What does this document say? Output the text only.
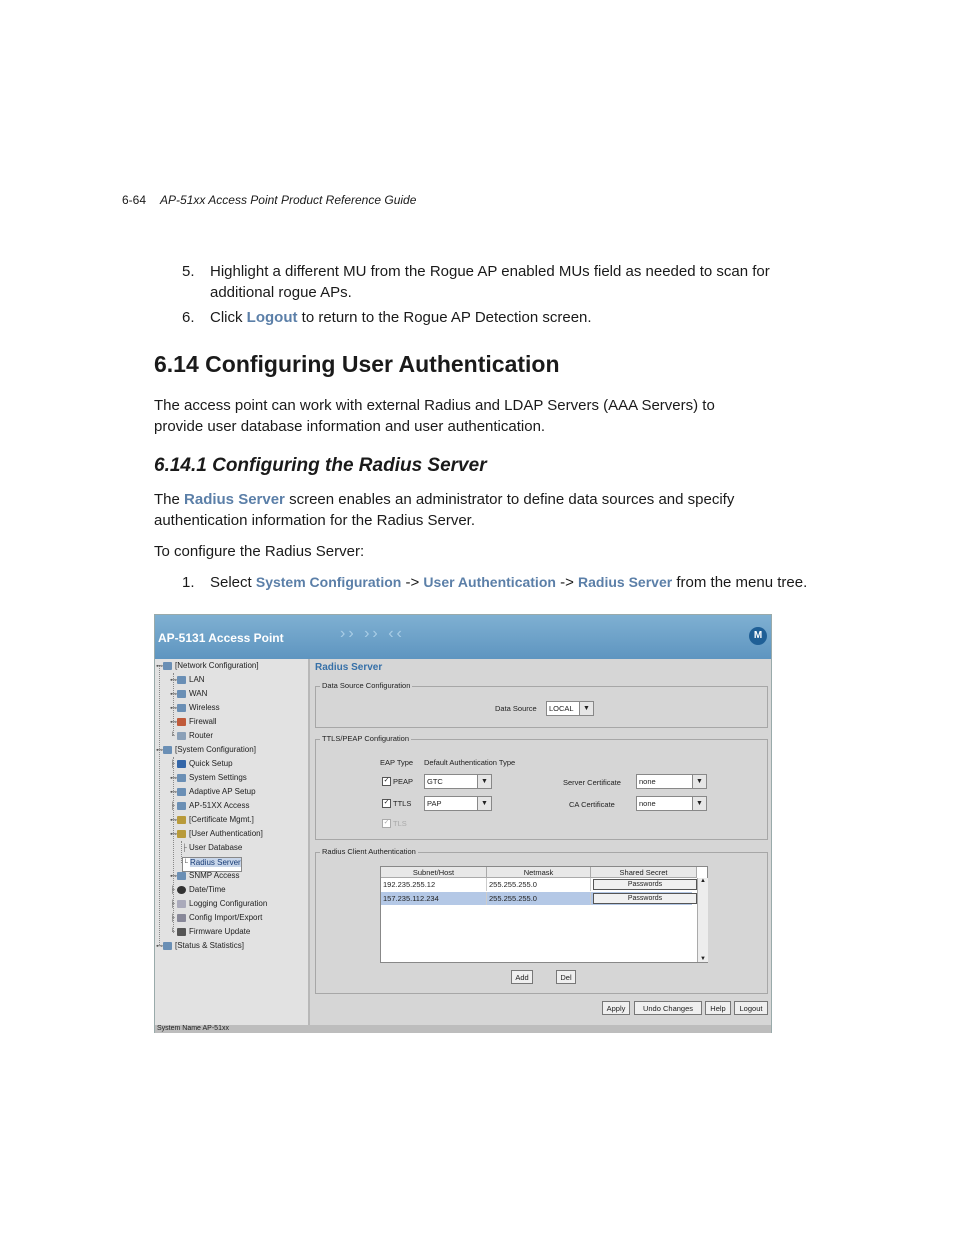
6-64 AP-51xx Access Point Product Reference Guide
5. Highlight a different MU from the Rogue AP enabled MUs field as needed to scan for additional rogue APs.
6. Click Logout to return to the Rogue AP Detection screen.
6.14 Configuring User Authentication
The access point can work with external Radius and LDAP Servers (AAA Servers) to provide user database information and user authentication.
6.14.1 Configuring the Radius Server
The Radius Server screen enables an administrator to define data sources and specify authentication information for the Radius Server.
To configure the Radius Server:
1. Select System Configuration -> User Authentication -> Radius Server from the menu tree.
AP-5131 Access Point	›› ›› ‹‹	M
⊷ [Network Configuration]
⊷ LAN
⊷ WAN
⊷ Wireless
⊷ Firewall
└ Router
⊷ [System Configuration]
├ Quick Setup
⊷ System Settings
⊷ Adaptive AP Setup
├ AP-51XX Access
⊷ [Certificate Mgmt.]
⊷ [User Authentication]
├ User Database
└ Radius Server
⊷ SNMP Access
├ Date/Time
├ Logging Configuration
├ Config Import/Export
└ Firmware Update
⊷ [Status & Statistics]
Radius Server
Data Source Configuration
Data Source LOCAL	▼
TTLS/PEAP Configuration
EAP Type Default Authentication Type
✓ PEAP GTC	▼
✓ TTLS PAP	▼
✓ TLS
Server Certificate none	▼
CA Certificate	none	▼
Radius Client Authentication
Subnet/Host	Netmask	Shared Secret
192.235.255.12	255.255.255.0	Passwords
157.235.112.234	255.255.255.0	Passwords
▲
▼
Add	Del
Apply	Undo Changes	Help	Logout
System Name AP-51xx
